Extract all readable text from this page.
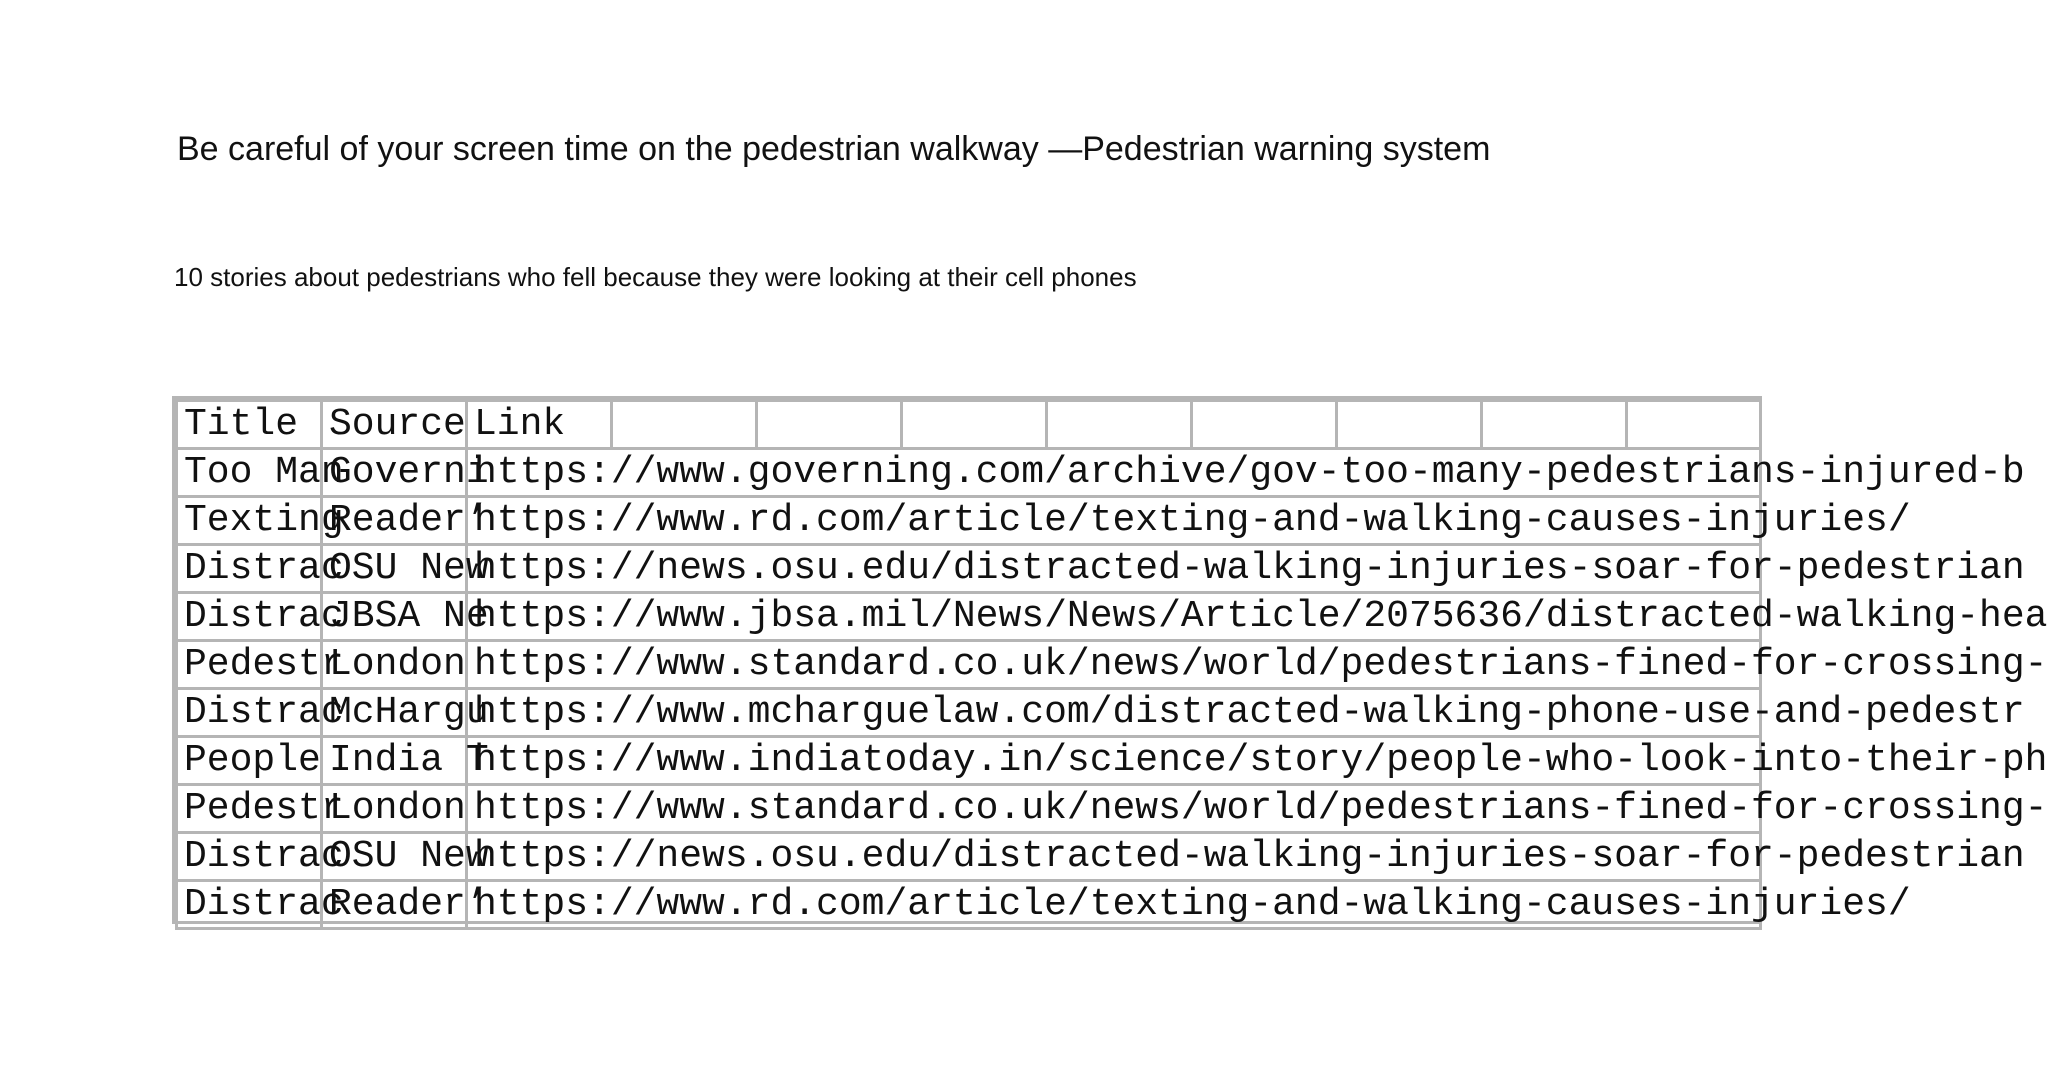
Be careful of your screen time on the pedestrian walkway —Pedestrian warning system
10 stories about pedestrians who fell because they were looking at their cell phones
Title	Source	Link								
Too Man	Governi	https://www.governing.com/archive/gov-too-many-pedestrians-injured-b								
Texting	Reader’	https://www.rd.com/article/texting-and-walking-causes-injuries/								
Distrac	OSU New	https://news.osu.edu/distracted-walking-injuries-soar-for-pedestrian								
Distrac	JBSA Ne	https://www.jbsa.mil/News/News/Article/2075636/distracted-walking-hea								
Pedestr	London	https://www.standard.co.uk/news/world/pedestrians-fined-for-crossing-								
Distrac	McHargu	https://www.mcharguelaw.com/distracted-walking-phone-use-and-pedestr								
People	India T	https://www.indiatoday.in/science/story/people-who-look-into-their-ph								
Pedestr	London	https://www.standard.co.uk/news/world/pedestrians-fined-for-crossing-								
Distrac	OSU New	https://news.osu.edu/distracted-walking-injuries-soar-for-pedestrian								
Distrac	Reader’	https://www.rd.com/article/texting-and-walking-causes-injuries/								
